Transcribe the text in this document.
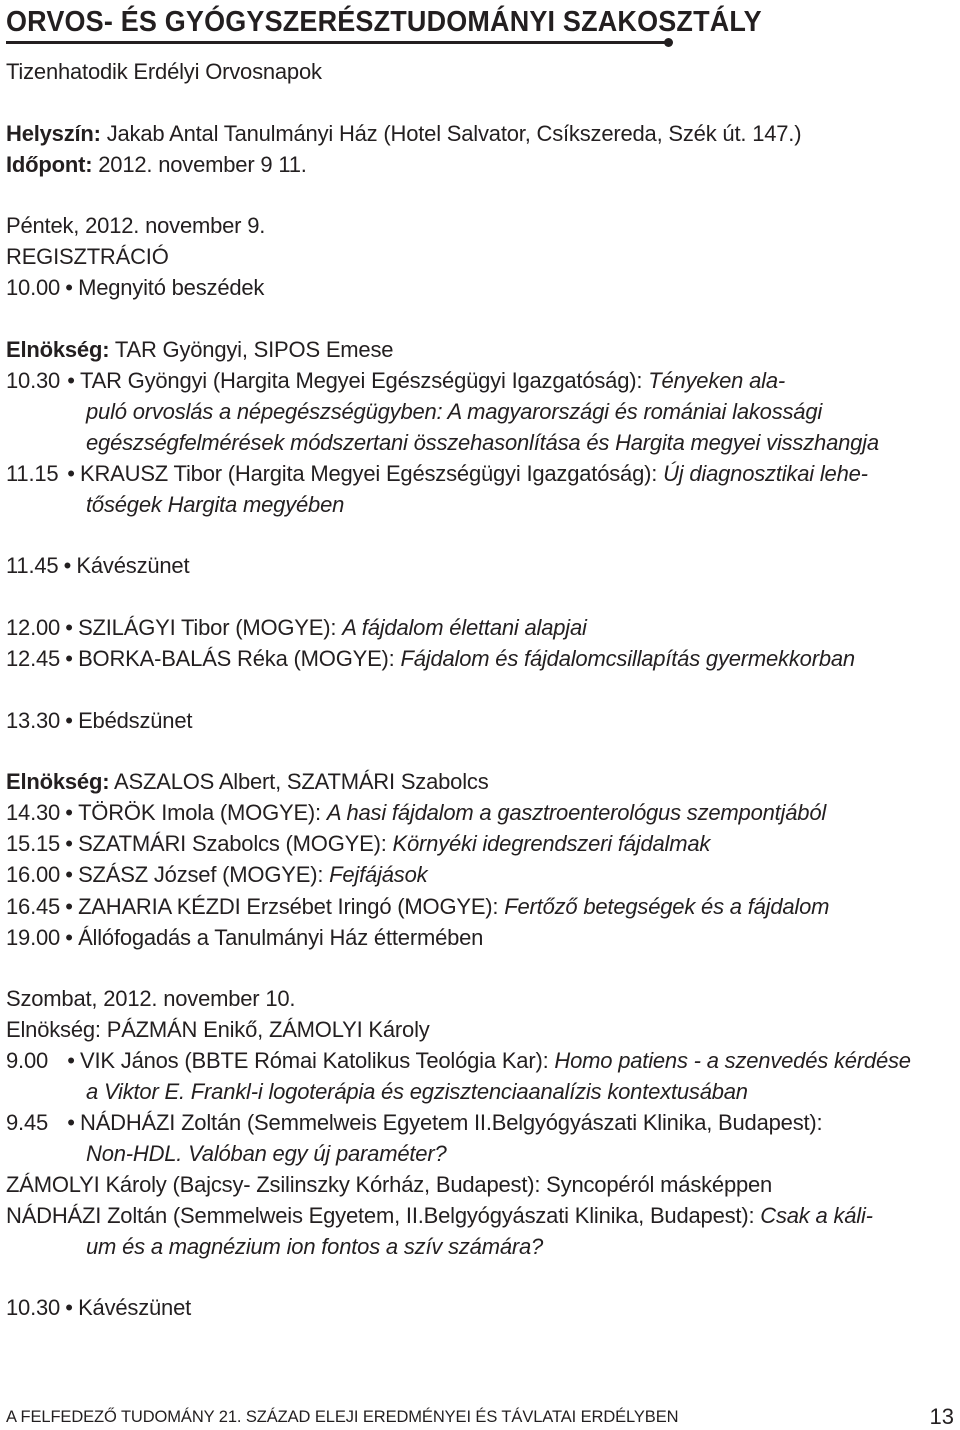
ORVOS- ÉS GYÓGYSZERÉSZTUDOMÁNYI SZAKOSZTÁLY
Tizenhatodik Erdélyi Orvosnapok
Helyszín: Jakab Antal Tanulmányi Ház (Hotel Salvator, Csíkszereda, Szék út. 147.)
Időpont: 2012. november 9 11.
Péntek, 2012. november 9.
REGISZTRÁCIÓ
10.00 • Megnyitó beszédek
Elnökség: TAR Gyöngyi, SIPOS Emese
10.30 • TAR Gyöngyi (Hargita Megyei Egészségügyi Igazgatóság): Tényeken ala-
puló orvoslás a népegészségügyben: A magyarországi és romániai lakossági
egészségfelmérések módszertani összehasonlítása és Hargita megyei visszhangja
11.15 • KRAUSZ Tibor (Hargita Megyei Egészségügyi Igazgatóság): Új diagnosztikai lehe-
tőségek Hargita megyében
11.45 • Kávészünet
12.00 • SZILÁGYI Tibor (MOGYE): A fájdalom élettani alapjai
12.45 • BORKA-BALÁS Réka (MOGYE): Fájdalom és fájdalomcsillapítás gyermekkorban
13.30 • Ebédszünet
Elnökség: ASZALOS Albert, SZATMÁRI Szabolcs
14.30 • TÖRÖK Imola (MOGYE): A hasi fájdalom a gasztroenterológus szempontjából
15.15 • SZATMÁRI Szabolcs (MOGYE): Környéki idegrendszeri fájdalmak
16.00 • SZÁSZ József (MOGYE): Fejfájások
16.45 • ZAHARIA KÉZDI Erzsébet Iringó (MOGYE): Fertőző betegségek és a fájdalom
19.00 • Állófogadás a Tanulmányi Ház éttermében
Szombat, 2012. november 10.
Elnökség: PÁZMÁN Enikő, ZÁMOLYI Károly
9.00 • VIK János (BBTE Római Katolikus Teológia Kar): Homo patiens - a szenvedés kérdése
a Viktor E. Frankl-i logoterápia és egzisztenciaanalízis kontextusában
9.45 • NÁDHÁZI Zoltán (Semmelweis Egyetem II.Belgyógyászati Klinika, Budapest):
Non-HDL. Valóban egy új paraméter?
ZÁMOLYI Károly (Bajcsy- Zsilinszky Kórház, Budapest): Syncopéról másképpen
NÁDHÁZI Zoltán (Semmelweis Egyetem, II.Belgyógyászati Klinika, Budapest): Csak a káli-
um és a magnézium ion fontos a szív számára?
10.30 • Kávészünet
A FELFEDEZŐ TUDOMÁNY 21. SZÁZAD ELEJI EREDMÉNYEI ÉS TÁVLATAI ERDÉLYBEN	13
